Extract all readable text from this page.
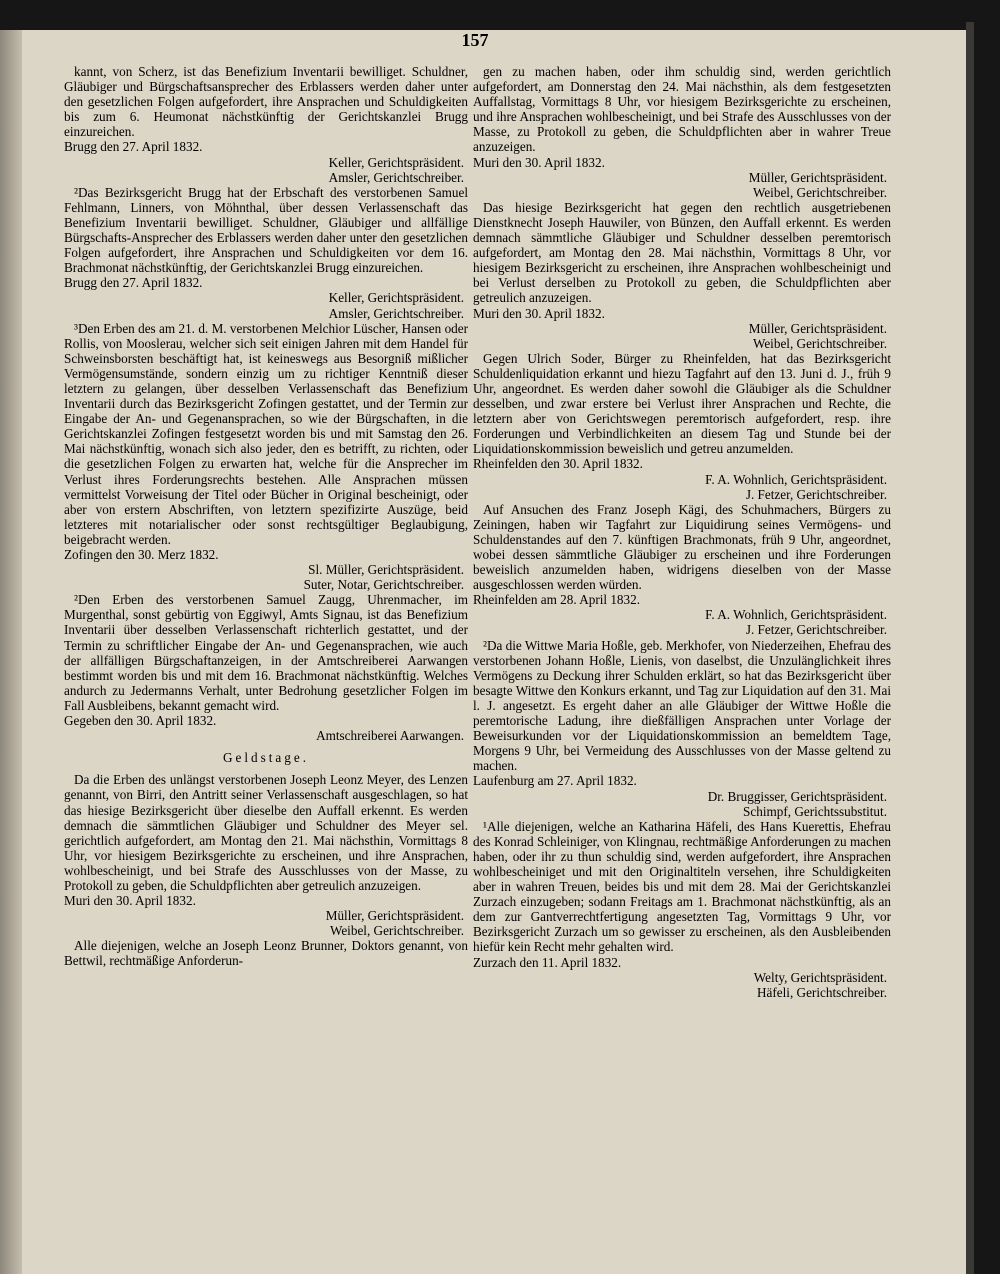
157

kannt, von Scherz, ist das Benefizium Inventarii bewilliget. Schuldner, Gläubiger und Bürgschaftsansprecher des Erblassers werden daher unter den gesetzlichen Folgen aufgefordert, ihre Ansprachen und Schuldigkeiten bis zum 6. Heumonat nächstkünftig der Gerichtskanzlei Brugg einzureichen.

Brugg den 27. April 1832.

Keller, Gerichtspräsident.

Amsler, Gerichtschreiber.

²Das Bezirksgericht Brugg hat der Erbschaft des verstorbenen Samuel Fehlmann, Linners, von Möhnthal, über dessen Verlassenschaft das Benefizium Inventarii bewilliget. Schuldner, Gläubiger und allfällige Bürgschafts-Ansprecher des Erblassers werden daher unter den gesetzlichen Folgen aufgefordert, ihre Ansprachen und Schuldigkeiten vor dem 16. Brachmonat nächstkünftig, der Gerichtskanzlei Brugg einzureichen.

Brugg den 27. April 1832.

Keller, Gerichtspräsident.

Amsler, Gerichtschreiber.

³Den Erben des am 21. d. M. verstorbenen Melchior Lüscher, Hansen oder Rollis, von Mooslerau, welcher sich seit einigen Jahren mit dem Handel für Schweinsborsten beschäftigt hat, ist keineswegs aus Besorgniß mißlicher Vermögensumstände, sondern einzig um zu richtiger Kenntniß dieser letztern zu gelangen, über desselben Verlassenschaft das Benefizium Inventarii durch das Bezirksgericht Zofingen gestattet, und der Termin zur Eingabe der An- und Gegenansprachen, so wie der Bürgschaften, in die Gerichtskanzlei Zofingen festgesetzt worden bis und mit Samstag den 26. Mai nächstkünftig, wonach sich also jeder, den es betrifft, zu richten, oder die gesetzlichen Folgen zu erwarten hat, welche für die Ansprecher im Verlust ihres Forderungsrechts bestehen. Alle Ansprachen müssen vermittelst Vorweisung der Titel oder Bücher in Original bescheinigt, oder aber von erstern Abschriften, von letztern spezifizirte Auszüge, beid letzteres mit notarialischer oder sonst rechtsgültiger Beglaubigung, beigebracht werden.

Zofingen den 30. Merz 1832.

Sl. Müller, Gerichtspräsident.

Suter, Notar, Gerichtschreiber.

²Den Erben des verstorbenen Samuel Zaugg, Uhrenmacher, im Murgenthal, sonst gebürtig von Eggiwyl, Amts Signau, ist das Benefizium Inventarii über desselben Verlassenschaft richterlich gestattet, und der Termin zu schriftlicher Eingabe der An- und Gegenansprachen, wie auch der allfälligen Bürgschaftanzeigen, in der Amtschreiberei Aarwangen bestimmt worden bis und mit dem 16. Brachmonat nächstkünftig. Welches andurch zu Jedermanns Verhalt, unter Bedrohung gesetzlicher Folgen im Fall Ausbleibens, bekannt gemacht wird.

Gegeben den 30. April 1832.

Amtschreiberei Aarwangen.

Geldstage.

Da die Erben des unlängst verstorbenen Joseph Leonz Meyer, des Lenzen genannt, von Birri, den Antritt seiner Verlassenschaft ausgeschlagen, so hat das hiesige Bezirksgericht über dieselbe den Auffall erkennt. Es werden demnach die sämmtlichen Gläubiger und Schuldner des Meyer sel. gerichtlich aufgefordert, am Montag den 21. Mai nächsthin, Vormittags 8 Uhr, vor hiesigem Bezirksgerichte zu erscheinen, und ihre Ansprachen, wohlbescheinigt, und bei Strafe des Ausschlusses von der Masse, zu Protokoll zu geben, die Schuldpflichten aber getreulich anzuzeigen.

Muri den 30. April 1832.

Müller, Gerichtspräsident.

Weibel, Gerichtschreiber.

Alle diejenigen, welche an Joseph Leonz Brunner, Doktors genannt, von Bettwil, rechtmäßige Anforderun-

gen zu machen haben, oder ihm schuldig sind, werden gerichtlich aufgefordert, am Donnerstag den 24. Mai nächsthin, als dem festgesetzten Auffallstag, Vormittags 8 Uhr, vor hiesigem Bezirksgerichte zu erscheinen, und ihre Ansprachen wohlbescheinigt, und bei Strafe des Ausschlusses von der Masse, zu Protokoll zu geben, die Schuldpflichten aber in wahrer Treue anzuzeigen.

Muri den 30. April 1832.

Müller, Gerichtspräsident.

Weibel, Gerichtschreiber.

Das hiesige Bezirksgericht hat gegen den rechtlich ausgetriebenen Dienstknecht Joseph Hauwiler, von Bünzen, den Auffall erkennt. Es werden demnach sämmtliche Gläubiger und Schuldner desselben peremtorisch aufgefordert, am Montag den 28. Mai nächsthin, Vormittags 8 Uhr, vor hiesigem Bezirksgericht zu erscheinen, ihre Ansprachen wohlbescheinigt und bei Verlust derselben zu Protokoll zu geben, die Schuldpflichten aber getreulich anzuzeigen.

Muri den 30. April 1832.

Müller, Gerichtspräsident.

Weibel, Gerichtschreiber.

Gegen Ulrich Soder, Bürger zu Rheinfelden, hat das Bezirksgericht Schuldenliquidation erkannt und hiezu Tagfahrt auf den 13. Juni d. J., früh 9 Uhr, angeordnet. Es werden daher sowohl die Gläubiger als die Schuldner desselben, und zwar erstere bei Verlust ihrer Ansprachen und Rechte, die letztern aber von Gerichtswegen peremtorisch aufgefordert, resp. ihre Forderungen und Verbindlichkeiten an diesem Tag und Stunde bei der Liquidationskommission beweislich und getreu anzumelden.

Rheinfelden den 30. April 1832.

F. A. Wohnlich, Gerichtspräsident.

J. Fetzer, Gerichtschreiber.

Auf Ansuchen des Franz Joseph Kägi, des Schuhmachers, Bürgers zu Zeiningen, haben wir Tagfahrt zur Liquidirung seines Vermögens- und Schuldenstandes auf den 7. künftigen Brachmonats, früh 9 Uhr, angeordnet, wobei dessen sämmtliche Gläubiger zu erscheinen und ihre Forderungen beweislich anzumelden haben, widrigens dieselben von der Masse ausgeschlossen werden würden.

Rheinfelden am 28. April 1832.

F. A. Wohnlich, Gerichtspräsident.

J. Fetzer, Gerichtschreiber.

²Da die Wittwe Maria Hoßle, geb. Merkhofer, von Niederzeihen, Ehefrau des verstorbenen Johann Hoßle, Lienis, von daselbst, die Unzulänglichkeit ihres Vermögens zu Deckung ihrer Schulden erklärt, so hat das Bezirksgericht über besagte Wittwe den Konkurs erkannt, und Tag zur Liquidation auf den 31. Mai l. J. angesetzt. Es ergeht daher an alle Gläubiger der Wittwe Hoßle die peremtorische Ladung, ihre dießfälligen Ansprachen unter Vorlage der Beweisurkunden vor der Liquidationskommission an bemeldtem Tage, Morgens 9 Uhr, bei Vermeidung des Ausschlusses von der Masse geltend zu machen.

Laufenburg am 27. April 1832.

Dr. Bruggisser, Gerichtspräsident.

Schimpf, Gerichtssubstitut.

¹Alle diejenigen, welche an Katharina Häfeli, des Hans Kuerettis, Ehefrau des Konrad Schleiniger, von Klingnau, rechtmäßige Anforderungen zu machen haben, oder ihr zu thun schuldig sind, werden aufgefordert, ihre Ansprachen wohlbescheiniget und mit den Originaltiteln versehen, ihre Schuldigkeiten aber in wahren Treuen, beides bis und mit dem 28. Mai der Gerichtskanzlei Zurzach einzugeben; sodann Freitags am 1. Brachmonat nächstkünftig, als an dem zur Gantverrechtfertigung angesetzten Tag, Vormittags 9 Uhr, vor Bezirksgericht Zurzach um so gewisser zu erscheinen, als den Ausbleibenden hiefür kein Recht mehr gehalten wird.

Zurzach den 11. April 1832.

Welty, Gerichtspräsident.

Häfeli, Gerichtschreiber.
